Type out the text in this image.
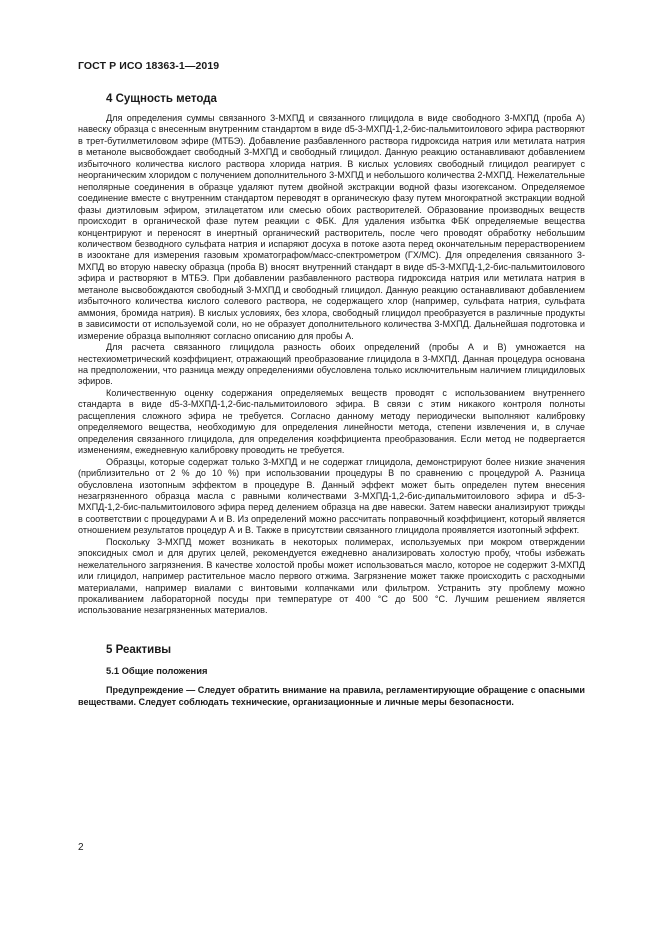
ГОСТ Р ИСО 18363-1—2019
4 Сущность метода

Для определения суммы связанного 3-МХПД и связанного глицидола в виде свободного 3-МХПД (проба А) навеску образца с внесенным внутренним стандартом в виде d5-3-МХПД-1,2-бис-пальмитоилового эфира растворяют в трет-бутилметиловом эфире (МТБЭ). Добавление разбавленного раствора гидроксида натрия или метилата натрия в метаноле высвобождает свободный 3-МХПД и свободный глицидол. Данную реакцию останавливают добавлением избыточного количества кислого раствора хлорида натрия. В кислых условиях свободный глицидол реагирует с неорганическим хлоридом с получением дополнительного 3-МХПД и небольшого количества 2-МХПД. Нежелательные неполярные соединения в образце удаляют путем двойной экстракции водной фазы изогексаном. Определяемое соединение вместе с внутренним стандартом переводят в органическую фазу путем многократной экстракции водной фазы диэтиловым эфиром, этилацетатом или смесью обоих растворителей. Образование производных веществ происходит в органической фазе путем реакции с ФБК. Для удаления избытка ФБК определяемые вещества концентрируют и переносят в инертный органический растворитель, после чего проводят обработку небольшим количеством безводного сульфата натрия и испаряют досуха в потоке азота перед окончательным перерастворением в изооктане для измерения газовым хроматографом/масс-спектрометром (ГХ/МС). Для определения связанного 3-МХПД во вторую навеску образца (проба В) вносят внутренний стандарт в виде d5-3-МХПД-1,2-бис-пальмитоилового эфира и растворяют в МТБЭ. При добавлении разбавленного раствора гидроксида натрия или метилата натрия в метаноле высвобождаются свободный 3-МХПД и свободный глицидол. Данную реакцию останавливают добавлением избыточного количества кислого солевого раствора, не содержащего хлор (например, сульфата натрия, сульфата аммония, бромида натрия). В кислых условиях, без хлора, свободный глицидол преобразуется в различные продукты в зависимости от используемой соли, но не образует дополнительного количества 3-МХПД. Дальнейшая подготовка и измерение образца выполняют согласно описанию для пробы А.

Для расчета связанного глицидола разность обоих определений (пробы А и В) умножается на нестехиометрический коэффициент, отражающий преобразование глицидола в 3-МХПД. Данная процедура основана на предположении, что разница между определениями обусловлена только исключительным наличием глицидиловых эфиров.

Количественную оценку содержания определяемых веществ проводят с использованием внутреннего стандарта в виде d5-3-МХПД-1,2-бис-пальмитоилового эфира. В связи с этим никакого контроля полноты расщепления сложного эфира не требуется. Согласно данному методу периодически выполняют калибровку определяемого вещества, необходимую для определения линейности метода, степени извлечения и, в случае определения связанного глицидола, для определения коэффициента преобразования. Если метод не подвергается изменениям, ежедневную калибровку проводить не требуется.

Образцы, которые содержат только 3-МХПД и не содержат глицидола, демонстрируют более низкие значения (приблизительно от 2 % до 10 %) при использовании процедуры В по сравнению с процедурой А. Разница обусловлена изотопным эффектом в процедуре В. Данный эффект может быть определен путем внесения незагрязненного образца масла с равными количествами 3-МХПД-1,2-бис-дипальмитоилового эфира и d5-3-МХПД-1,2-бис-пальмитоилового эфира перед делением образца на две навески. Затем навески анализируют трижды в соответствии с процедурами А и В. Из определений можно рассчитать поправочный коэффициент, который является отношением результатов процедур А и В. Также в присутствии связанного глицидола проявляется изотопный эффект.

Поскольку 3-МХПД может возникать в некоторых полимерах, используемых при мокром отверждении эпоксидных смол и для других целей, рекомендуется ежедневно анализировать холостую пробу, чтобы избежать нежелательного загрязнения. В качестве холостой пробы может использоваться масло, которое не содержит 3-МХПД или глицидол, например растительное масло первого отжима. Загрязнение может также происходить с расходными материалами, например виалами с винтовыми колпачками или фильтром. Устранить эту проблему можно прокаливанием лабораторной посуды при температуре от 400 °С до 500 °С. Лучшим решением является использование незагрязненных материалов.

5 Реактивы
5.1 Общие положения

Предупреждение — Следует обратить внимание на правила, регламентирующие обращение с опасными веществами. Следует соблюдать технические, организационные и личные меры безопасности.

2
